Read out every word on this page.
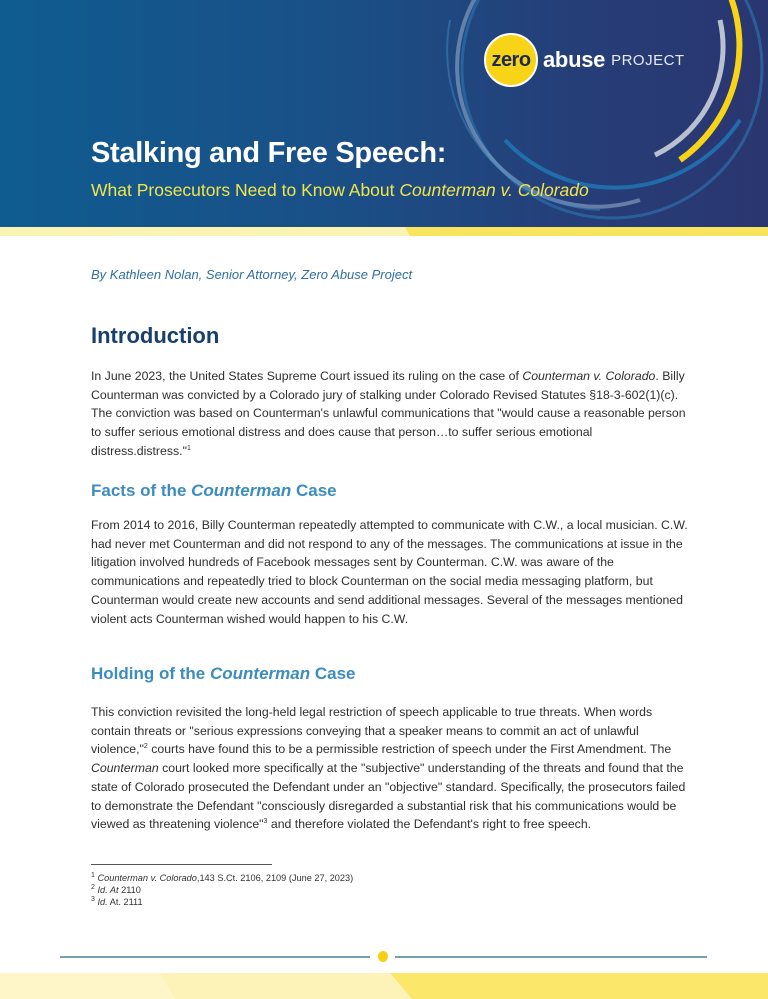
zero abuse PROJECT
Stalking and Free Speech:
What Prosecutors Need to Know About Counterman v. Colorado
By Kathleen Nolan, Senior Attorney, Zero Abuse Project
Introduction
In June 2023, the United States Supreme Court issued its ruling on the case of Counterman v. Colorado. Billy Counterman was convicted by a Colorado jury of stalking under Colorado Revised Statutes §18-3-602(1)(c). The conviction was based on Counterman's unlawful communications that "would cause a reasonable person to suffer serious emotional distress and does cause that person…to suffer serious emotional distress.distress."$^1$
Facts of the Counterman Case
From 2014 to 2016, Billy Counterman repeatedly attempted to communicate with C.W., a local musician. C.W. had never met Counterman and did not respond to any of the messages. The communications at issue in the litigation involved hundreds of Facebook messages sent by Counterman. C.W. was aware of the communications and repeatedly tried to block Counterman on the social media messaging platform, but Counterman would create new accounts and send additional messages. Several of the messages mentioned violent acts Counterman wished would happen to his C.W.
Holding of the Counterman Case
This conviction revisited the long-held legal restriction of speech applicable to true threats. When words contain threats or "serious expressions conveying that a speaker means to commit an act of unlawful violence,"$^2$ courts have found this to be a permissible restriction of speech under the First Amendment. The Counterman court looked more specifically at the "subjective" understanding of the threats and found that the state of Colorado prosecuted the Defendant under an "objective" standard. Specifically, the prosecutors failed to demonstrate the Defendant "consciously disregarded a substantial risk that his communications would be viewed as threatening violence"$^3$ and therefore violated the Defendant's right to free speech.
$^1$ Counterman v. Colorado,143 S.Ct. 2106, 2109 (June 27, 2023)
$^2$ Id. At 2110
$^3$ Id. At. 2111
